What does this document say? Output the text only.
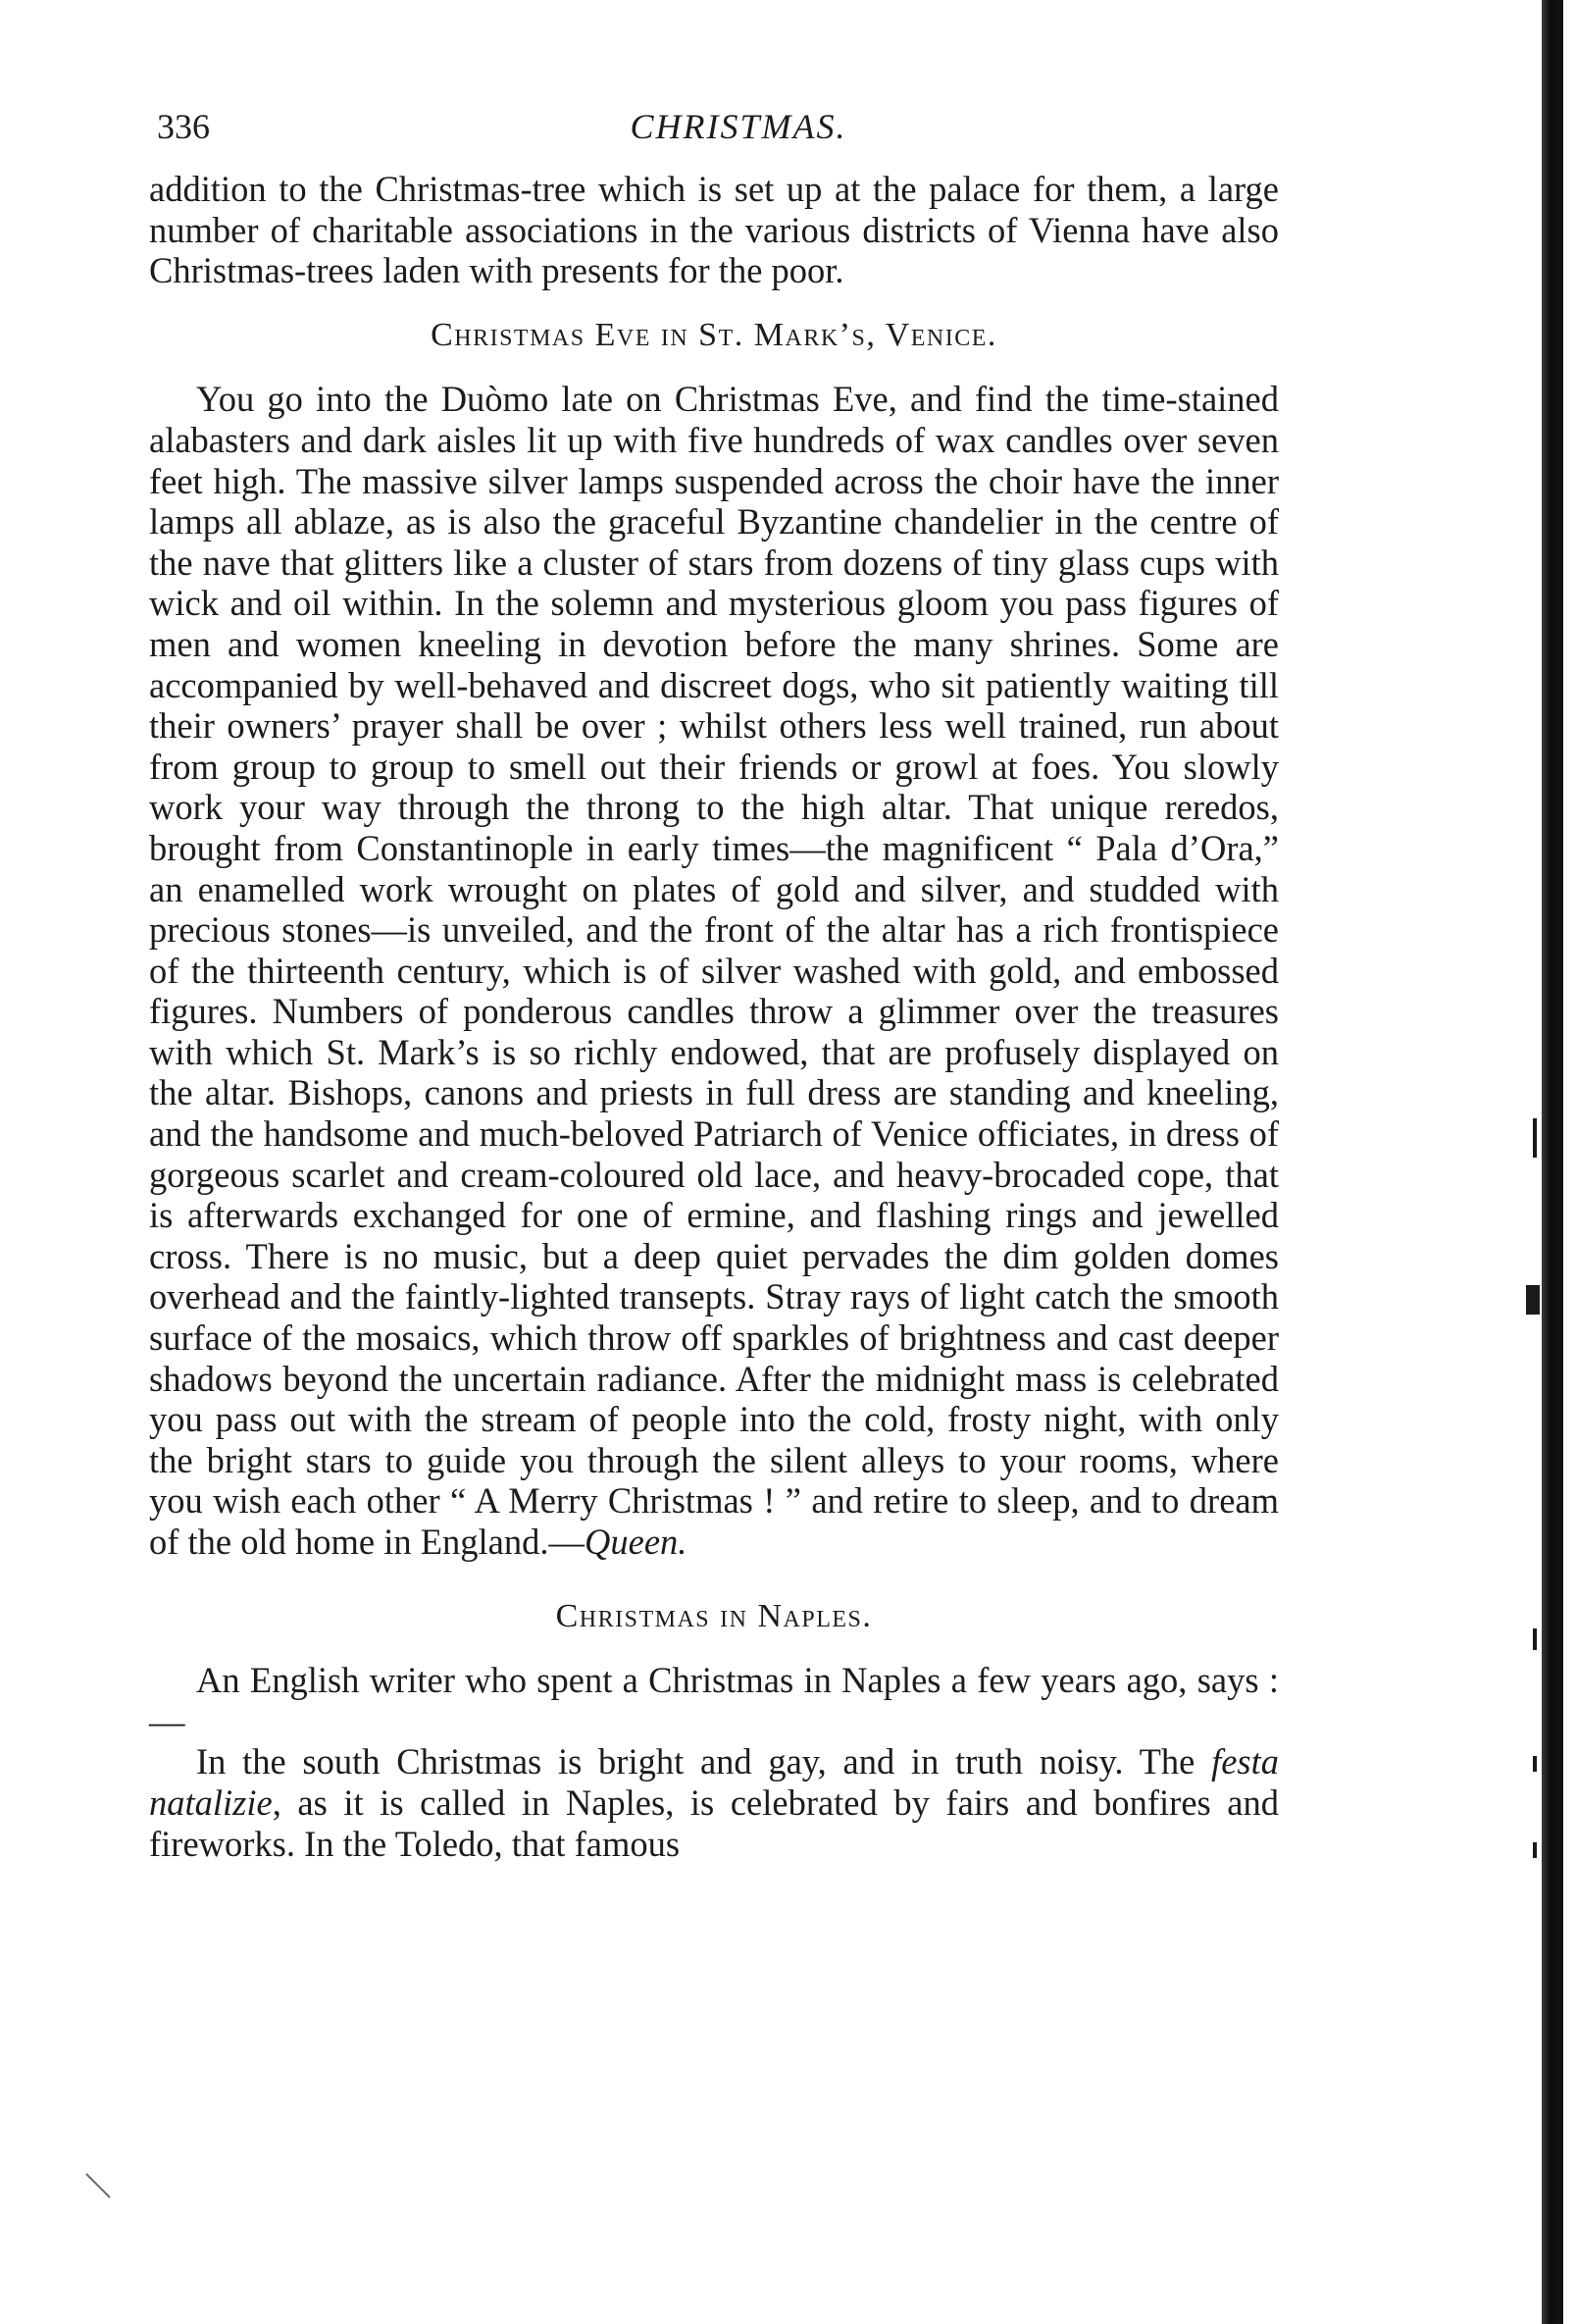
336	CHRISTMAS.

addition to the Christmas-tree which is set up at the palace for them, a large number of charitable associations in the various districts of Vienna have also Christmas-trees laden with presents for the poor.

Christmas Eve in St. Mark’s, Venice.

You go into the Duòmo late on Christmas Eve, and find the time-stained alabasters and dark aisles lit up with five hundreds of wax candles over seven feet high. The massive silver lamps suspended across the choir have the inner lamps all ablaze, as is also the graceful Byzantine chandelier in the centre of the nave that glitters like a cluster of stars from dozens of tiny glass cups with wick and oil within. In the solemn and mysterious gloom you pass figures of men and women kneeling in devotion before the many shrines. Some are accompanied by well-behaved and discreet dogs, who sit patiently waiting till their owners’ prayer shall be over ; whilst others less well trained, run about from group to group to smell out their friends or growl at foes. You slowly work your way through the throng to the high altar. That unique reredos, brought from Constantinople in early times—the magnificent “ Pala d’Ora,” an enamelled work wrought on plates of gold and silver, and studded with precious stones—is unveiled, and the front of the altar has a rich frontispiece of the thirteenth century, which is of silver washed with gold, and embossed figures. Numbers of ponderous candles throw a glimmer over the treasures with which St. Mark’s is so richly endowed, that are profusely displayed on the altar. Bishops, canons and priests in full dress are standing and kneeling, and the handsome and much-beloved Patriarch of Venice officiates, in dress of gorgeous scarlet and cream-coloured old lace, and heavy-brocaded cope, that is afterwards exchanged for one of ermine, and flashing rings and jewelled cross. There is no music, but a deep quiet pervades the dim golden domes overhead and the faintly-lighted transepts. Stray rays of light catch the smooth surface of the mosaics, which throw off sparkles of brightness and cast deeper shadows beyond the uncertain radiance. After the midnight mass is celebrated you pass out with the stream of people into the cold, frosty night, with only the bright stars to guide you through the silent alleys to your rooms, where you wish each other “ A Merry Christmas ! ” and retire to sleep, and to dream of the old home in England.—Queen.

Christmas in Naples.

An English writer who spent a Christmas in Naples a few years ago, says :—

In the south Christmas is bright and gay, and in truth noisy. The festa natalizie, as it is called in Naples, is celebrated by fairs and bonfires and fireworks. In the Toledo, that famous
